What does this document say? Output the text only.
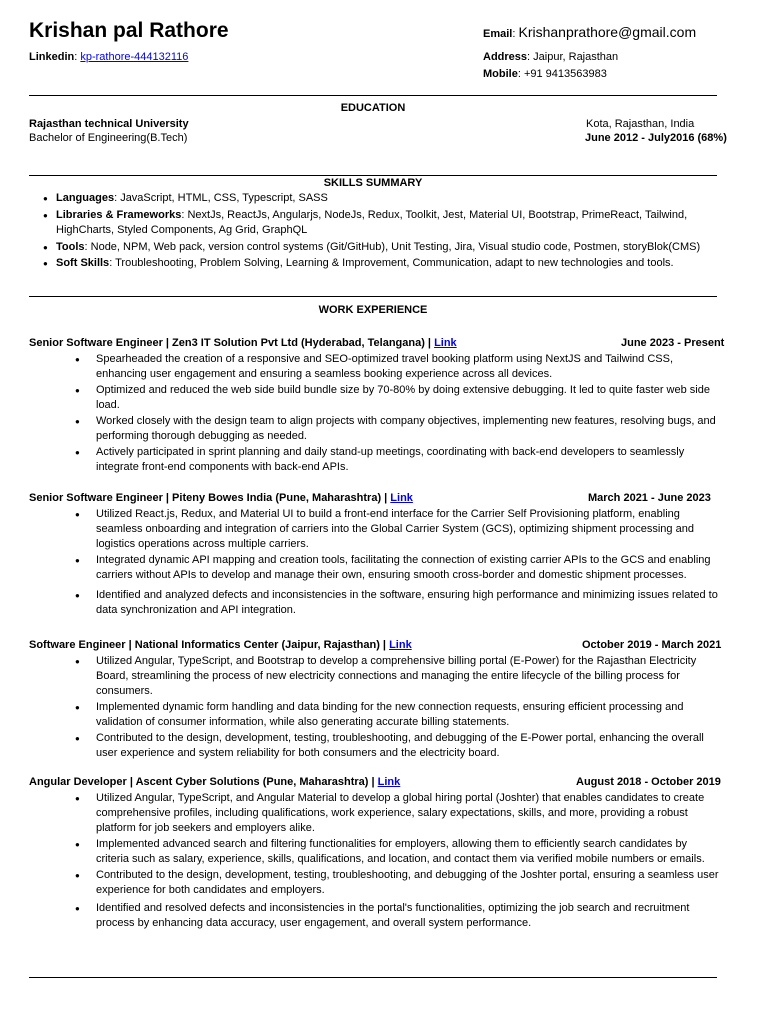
Krishan pal Rathore
Linkedin: kp-rathore-444132116
Email: Krishanprathore@gmail.com
Address: Jaipur, Rajasthan
Mobile: +91 9413563983
EDUCATION
Rajasthan technical University	Kota, Rajasthan, India
Bachelor of Engineering(B.Tech)	June 2012 - July2016 (68%)
SKILLS SUMMARY
● Languages: JavaScript, HTML, CSS, Typescript, SASS
● Libraries & Frameworks: NextJs, ReactJs, Angularjs, NodeJs, Redux, Toolkit, Jest, Material UI, Bootstrap, PrimeReact, Tailwind, HighCharts, Styled Components, Ag Grid, GraphQL
● Tools: Node, NPM, Web pack, version control systems (Git/GitHub), Unit Testing, Jira, Visual studio code, Postmen, storyBlok(CMS)
● Soft Skills: Troubleshooting, Problem Solving, Learning & Improvement, Communication, adapt to new technologies and tools.
WORK EXPERIENCE
Senior Software Engineer | Zen3 IT Solution Pvt Ltd (Hyderabad, Telangana) | Link	June 2023 - Present
● Spearheaded the creation of a responsive and SEO-optimized travel booking platform using NextJS and Tailwind CSS, enhancing user engagement and ensuring a seamless booking experience across all devices.
● Optimized and reduced the web side build bundle size by 70-80% by doing extensive debugging. It led to quite faster web side load.
● Worked closely with the design team to align projects with company objectives, implementing new features, resolving bugs, and performing thorough debugging as needed.
● Actively participated in sprint planning and daily stand-up meetings, coordinating with back-end developers to seamlessly integrate front-end components with back-end APIs.
Senior Software Engineer | Piteny Bowes India (Pune, Maharashtra) | Link	March 2021 - June 2023
● Utilized React.js, Redux, and Material UI to build a front-end interface for the Carrier Self Provisioning platform, enabling seamless onboarding and integration of carriers into the Global Carrier System (GCS), optimizing shipment processing and logistics operations across multiple carriers.
● Integrated dynamic API mapping and creation tools, facilitating the connection of existing carrier APIs to the GCS and enabling carriers without APIs to develop and manage their own, ensuring smooth cross-border and domestic shipment processes.
● Identified and analyzed defects and inconsistencies in the software, ensuring high performance and minimizing issues related to data synchronization and API integration.
Software Engineer | National Informatics Center (Jaipur, Rajasthan) | Link	October 2019 - March 2021
● Utilized Angular, TypeScript, and Bootstrap to develop a comprehensive billing portal (E-Power) for the Rajasthan Electricity Board, streamlining the process of new electricity connections and managing the entire lifecycle of the billing process for consumers.
● Implemented dynamic form handling and data binding for the new connection requests, ensuring efficient processing and validation of consumer information, while also generating accurate billing statements.
● Contributed to the design, development, testing, troubleshooting, and debugging of the E-Power portal, enhancing the overall user experience and system reliability for both consumers and the electricity board.
Angular Developer | Ascent Cyber Solutions (Pune, Maharashtra) | Link	August 2018 - October 2019
● Utilized Angular, TypeScript, and Angular Material to develop a global hiring portal (Joshter) that enables candidates to create comprehensive profiles, including qualifications, work experience, salary expectations, skills, and more, providing a robust platform for job seekers and employers alike.
● Implemented advanced search and filtering functionalities for employers, allowing them to efficiently search candidates by criteria such as salary, experience, skills, qualifications, and location, and contact them via verified mobile numbers or emails.
● Contributed to the design, development, testing, troubleshooting, and debugging of the Joshter portal, ensuring a seamless user experience for both candidates and employers.
● Identified and resolved defects and inconsistencies in the portal's functionalities, optimizing the job search and recruitment process by enhancing data accuracy, user engagement, and overall system performance.
